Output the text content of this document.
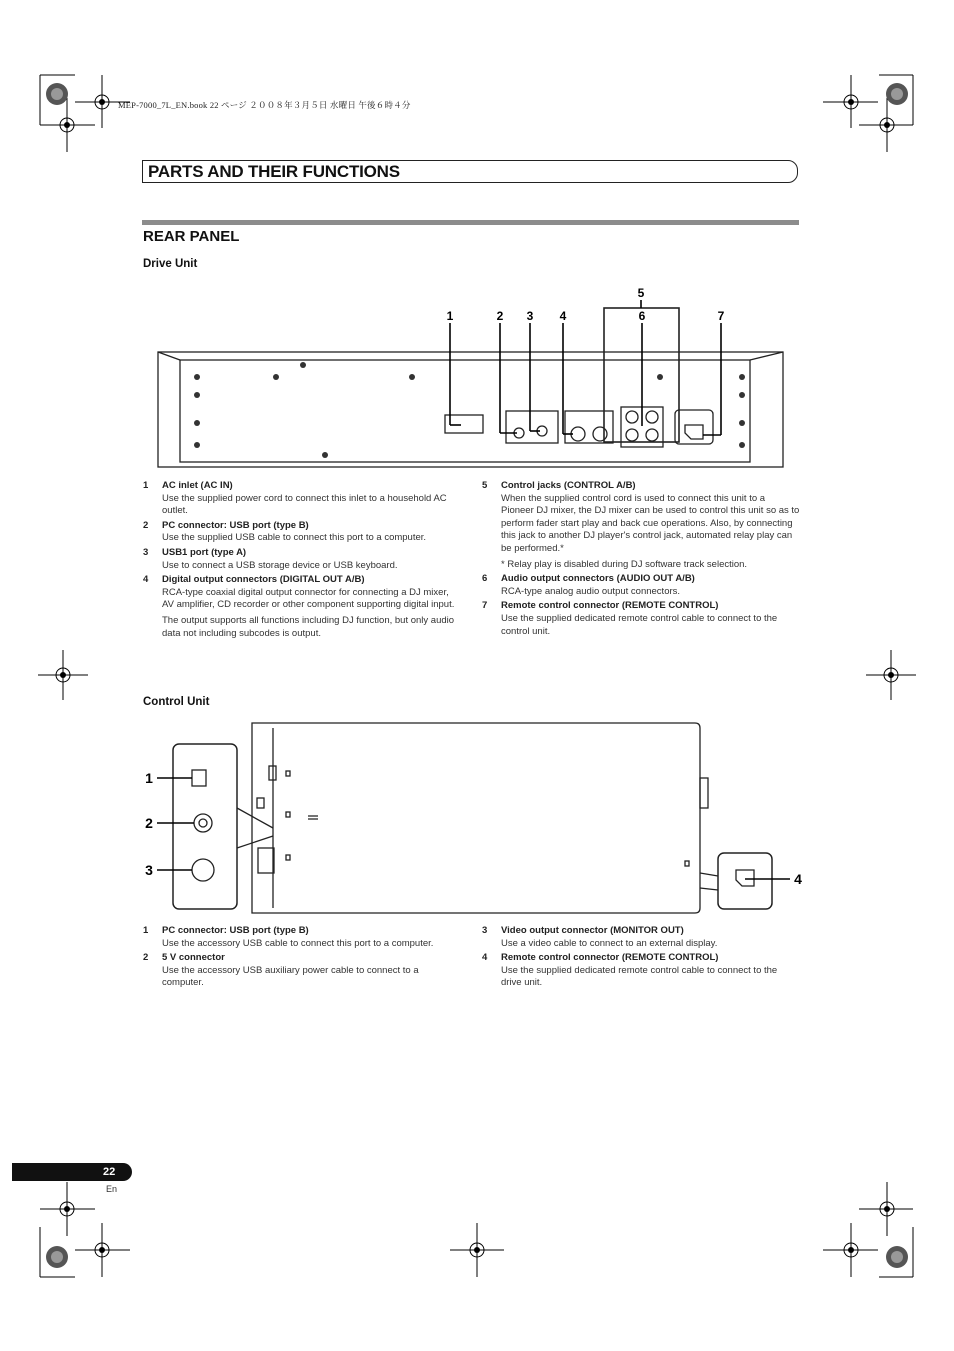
MEP-7000_7L_EN.book 22 ページ ２００８年３月５日 水曜日 午後６時４分
PARTS AND THEIR FUNCTIONS
REAR PANEL
Drive Unit
1	2 3 4
5
6	7
1 AC inlet (AC IN)
Use the supplied power cord to connect this inlet to a household AC outlet.
2 PC connector: USB port (type B)
Use the supplied USB cable to connect this port to a computer.
3 USB1 port (type A)
Use to connect a USB storage device or USB keyboard.
4 Digital output connectors (DIGITAL OUT A/B)
RCA-type coaxial digital output connector for connecting a DJ mixer, AV amplifier, CD recorder or other component supporting digital input.
The output supports all functions including DJ function, but only audio data not including subcodes is output.
5 Control jacks (CONTROL A/B)
When the supplied control cord is used to connect this unit to a Pioneer DJ mixer, the DJ mixer can be used to control this unit so as to perform fader start play and back cue operations. Also, by connecting this jack to another DJ player's control jack, automated relay play can be performed.*
* Relay play is disabled during DJ software track selection.
6 Audio output connectors (AUDIO OUT A/B)
RCA-type analog audio output connectors.
7 Remote control connector (REMOTE CONTROL)
Use the supplied dedicated remote control cable to connect to the control unit.
Control Unit
1
2
3
4
1 PC connector: USB port (type B)
Use the accessory USB cable to connect this port to a computer.
2 5 V connector
Use the accessory USB auxiliary power cable to connect to a computer.
3 Video output connector (MONITOR OUT)
Use a video cable to connect to an external display.
4 Remote control connector (REMOTE CONTROL)
Use the supplied dedicated remote control cable to connect to the drive unit.
22
En
